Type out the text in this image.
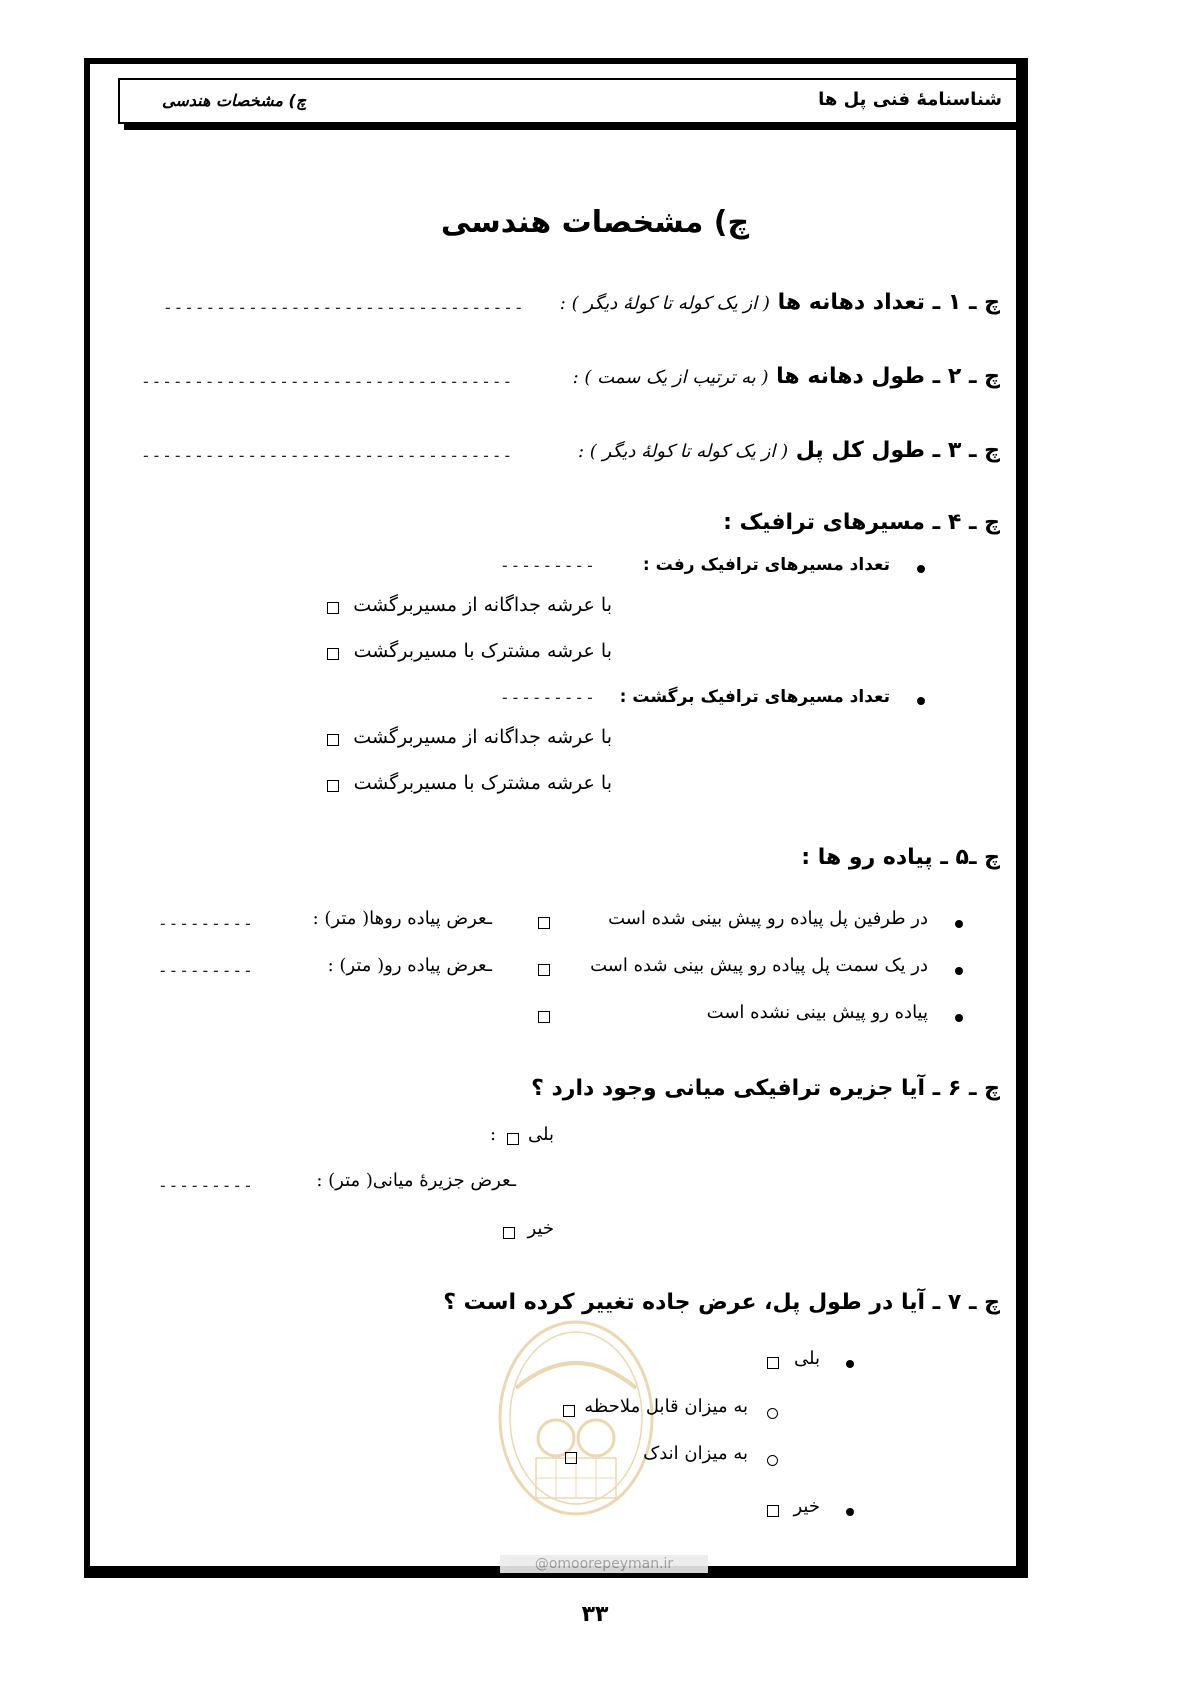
شناسنامهٔ فنی پل ها
چ) مشخصات هندسی
چ) مشخصات هندسی
چ ـ ۱ ـ تعداد دهانه ها ( از یک کوله تا کولهٔ دیگر ) :
----------------------------------
چ ـ ۲ ـ طول دهانه ها ( به ترتیب از یک سمت ) :
-----------------------------------
چ ـ ۳ ـ طول کل پل ( از یک کوله تا کولهٔ دیگر ) :
-----------------------------------
چ ـ ۴ ـ مسیرهای ترافیک :
تعداد مسیرهای ترافیک رفت :
---------
با عرشه جداگانه از مسیربرگشت
با عرشه مشترک با مسیربرگشت
تعداد مسیرهای ترافیک برگشت :
---------
با عرشه جداگانه از مسیربرگشت
با عرشه مشترک با مسیربرگشت
چ ـ۵ ـ پیاده رو ها :
در طرفین پل پیاده رو پیش بینی شده است
ـعرض پیاده روها( متر) :
---------
در یک سمت پل پیاده رو پیش بینی شده است
ـعرض پیاده رو( متر) :
---------
پیاده رو پیش بینی نشده است
چ ـ ۶ ـ آیا جزیره ترافیکی میانی وجود دارد ؟
بلی
:
ـعرض جزیرهٔ میانی( متر) :
---------
خیر
چ ـ ۷ ـ آیا در طول پل، عرض جاده تغییر کرده است ؟
@omoorepeyman.ir
بلی
به میزان قابل ملاحظه
به میزان اندک
خیر
۳۳
